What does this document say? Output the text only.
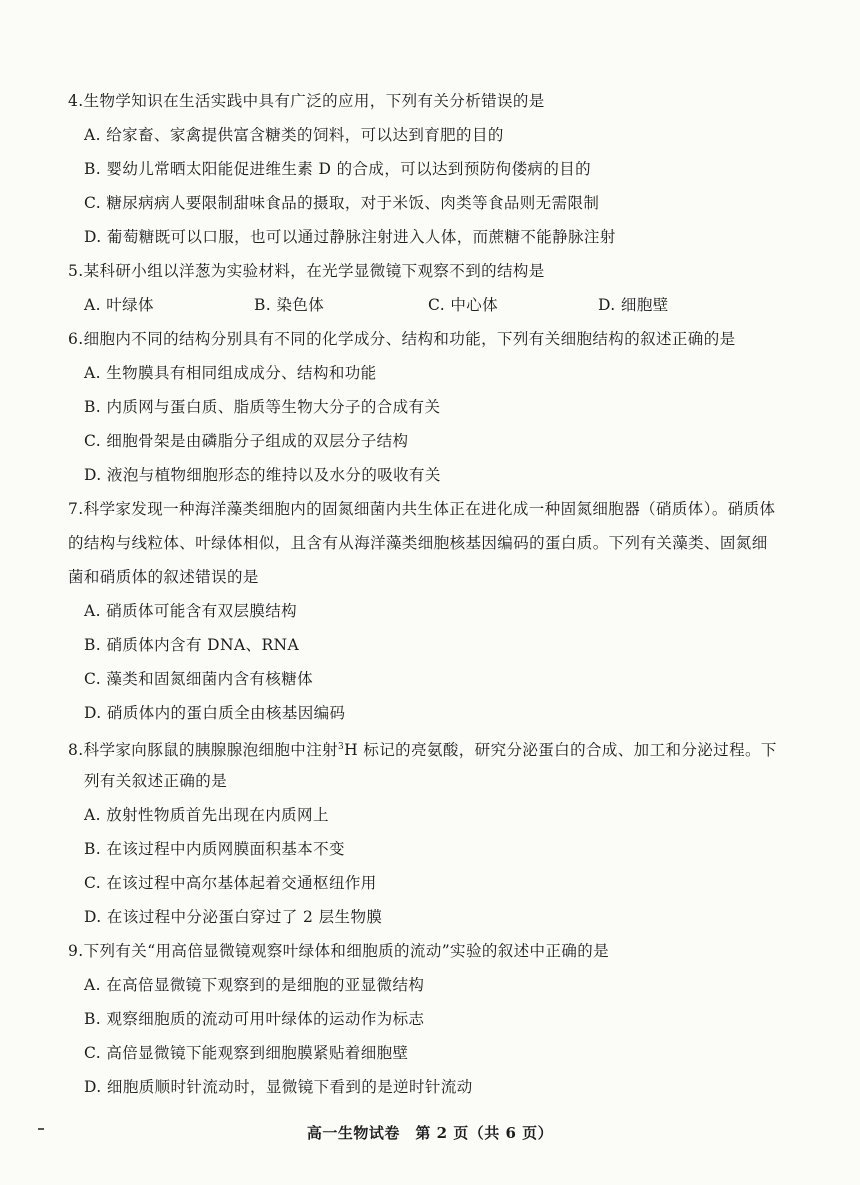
4.生物学知识在生活实践中具有广泛的应用，下列有关分析错误的是
A. 给家畜、家禽提供富含糖类的饲料，可以达到育肥的目的
B. 婴幼儿常晒太阳能促进维生素 D 的合成，可以达到预防佝偻病的目的
C. 糖尿病病人要限制甜味食品的摄取，对于米饭、肉类等食品则无需限制
D. 葡萄糖既可以口服，也可以通过静脉注射进入人体，而蔗糖不能静脉注射
5.某科研小组以洋葱为实验材料，在光学显微镜下观察不到的结构是
A. 叶绿体	B. 染色体	C. 中心体	D. 细胞壁
6.细胞内不同的结构分别具有不同的化学成分、结构和功能，下列有关细胞结构的叙述正确的是
A. 生物膜具有相同组成成分、结构和功能
B. 内质网与蛋白质、脂质等生物大分子的合成有关
C. 细胞骨架是由磷脂分子组成的双层分子结构
D. 液泡与植物细胞形态的维持以及水分的吸收有关
7.科学家发现一种海洋藻类细胞内的固氮细菌内共生体正在进化成一种固氮细胞器（硝质体）。硝质体
的结构与线粒体、叶绿体相似，且含有从海洋藻类细胞核基因编码的蛋白质。下列有关藻类、固氮细
菌和硝质体的叙述错误的是
A. 硝质体可能含有双层膜结构
B. 硝质体内含有 DNA、RNA
C. 藻类和固氮细菌内含有核糖体
D. 硝质体内的蛋白质全由核基因编码
8.科学家向豚鼠的胰腺腺泡细胞中注射$^3$H 标记的亮氨酸，研究分泌蛋白的合成、加工和分泌过程。下
列有关叙述正确的是
A. 放射性物质首先出现在内质网上
B. 在该过程中内质网膜面积基本不变
C. 在该过程中高尔基体起着交通枢纽作用
D. 在该过程中分泌蛋白穿过了 2 层生物膜
9.下列有关“用高倍显微镜观察叶绿体和细胞质的流动”实验的叙述中正确的是
A. 在高倍显微镜下观察到的是细胞的亚显微结构
B. 观察细胞质的流动可用叶绿体的运动作为标志
C. 高倍显微镜下能观察到细胞膜紧贴着细胞壁
D. 细胞质顺时针流动时，显微镜下看到的是逆时针流动
高一生物试卷　第 2 页（共 6 页）
